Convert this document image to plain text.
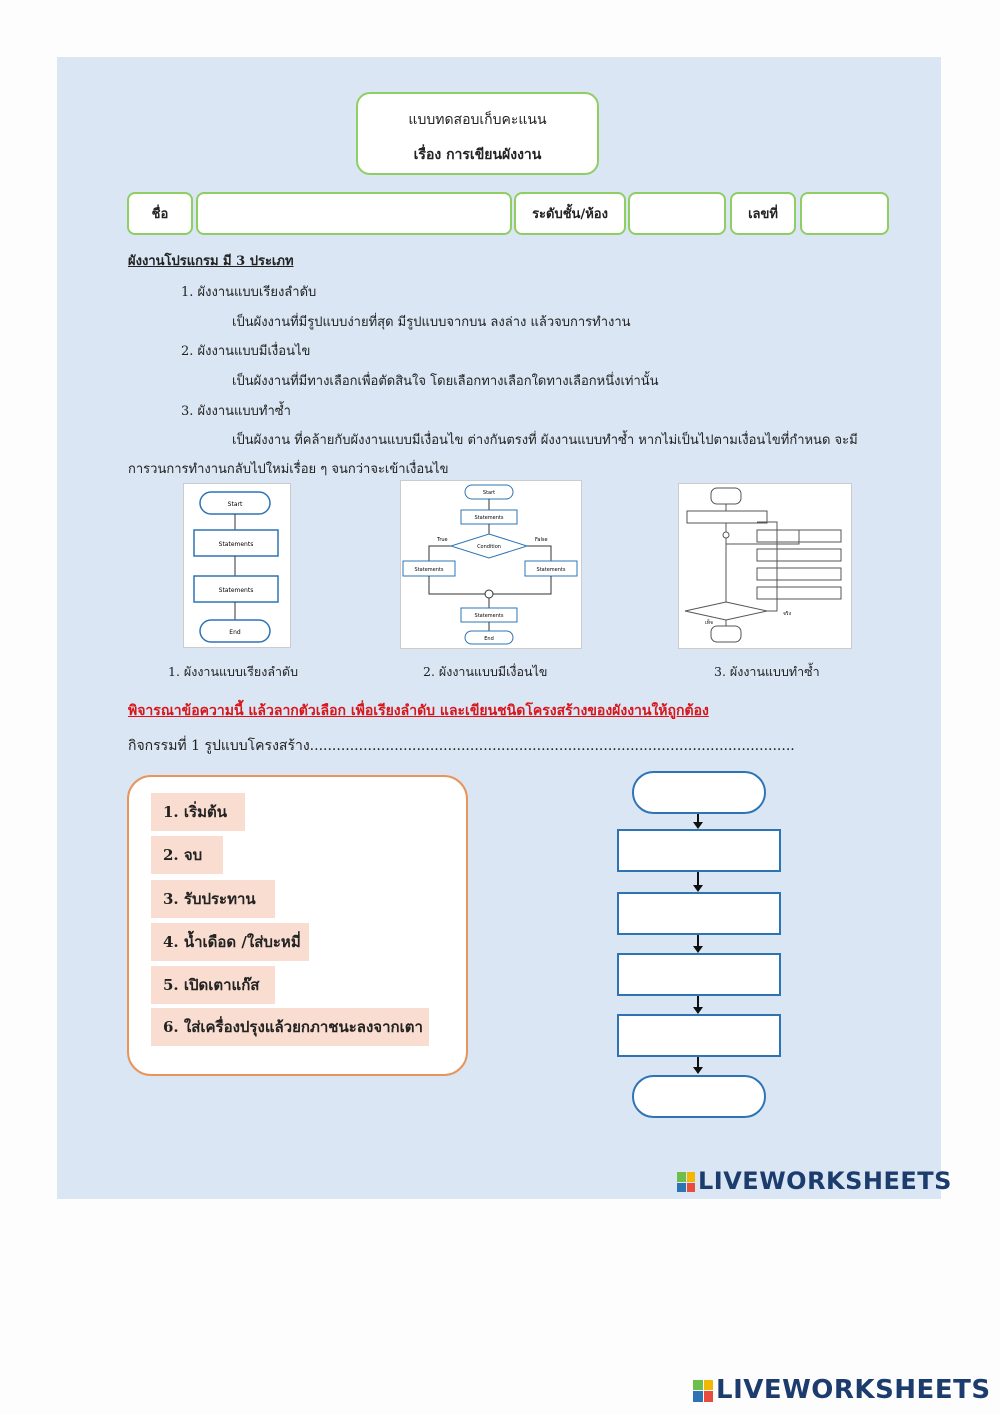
แบบทดสอบเก็บคะแนน
เรื่อง การเขียนผังงาน
ชื่อ	ระดับชั้น/ห้อง	เลขที่
ผังงานโปรแกรม มี 3 ประเภท
1. ผังงานแบบเรียงลำดับ
เป็นผังงานที่มีรูปแบบง่ายที่สุด มีรูปแบบจากบน ลงล่าง แล้วจบการทำงาน
2. ผังงานแบบมีเงื่อนไข
เป็นผังงานที่มีทางเลือกเพื่อตัดสินใจ โดยเลือกทางเลือกใดทางเลือกหนึ่งเท่านั้น
3. ผังงานแบบทำซ้ำ
เป็นผังงาน ที่คล้ายกับผังงานแบบมีเงื่อนไข ต่างกันตรงที่ ผังงานแบบทำซ้ำ หากไม่เป็นไปตามเงื่อนไขที่กำหนด จะมี
การวนการทำงานกลับไปใหม่เรื่อย ๆ จนกว่าจะเข้าเงื่อนไข
Start
Statements
Statements
End
1. ผังงานแบบเรียงลำดับ
Start
Statements
Condition
True	False
Statements	Statements
Statements
End
2. ผังงานแบบมีเงื่อนไข
จริง
เท็จ
3. ผังงานแบบทำซ้ำ
พิจารณาข้อความนี้ แล้วลากตัวเลือก เพื่อเรียงลำดับ และเขียนชนิดโครงสร้างของผังงานให้ถูกต้อง
กิจกรรมที่ 1 รูปแบบโครงสร้าง.............................................................................................................
1. เริ่มต้น
2. จบ
3. รับประทาน
4. น้ำเดือด /ใส่บะหมี่
5. เปิดเตาแก๊ส
6. ใส่เครื่องปรุงแล้วยกภาชนะลงจากเตา
LIVEWORKSHEETS
LIVEWORKSHEETS
